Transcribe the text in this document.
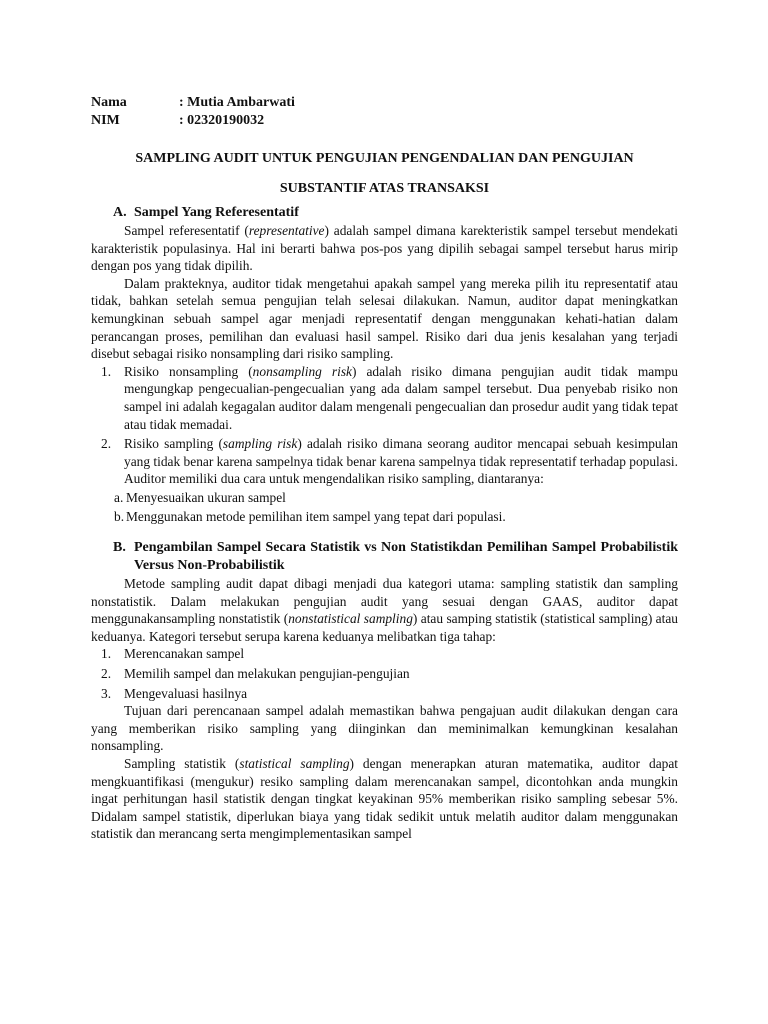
Nama	: Mutia Ambarwati
NIM	: 02320190032
SAMPLING AUDIT UNTUK PENGUJIAN PENGENDALIAN DAN PENGUJIAN
SUBSTANTIF ATAS TRANSAKSI
A. Sampel Yang Referesentatif

Sampel referesentatif (representative) adalah sampel dimana karekteristik sampel tersebut mendekati karakteristik populasinya. Hal ini berarti bahwa pos-pos yang dipilih sebagai sampel tersebut harus mirip dengan pos yang tidak dipilih.

Dalam prakteknya, auditor tidak mengetahui apakah sampel yang mereka pilih itu representatif atau tidak, bahkan setelah semua pengujian telah selesai dilakukan. Namun, auditor dapat meningkatkan kemungkinan sebuah sampel agar menjadi representatif dengan menggunakan kehati-hatian dalam perancangan proses, pemilihan dan evaluasi hasil sampel. Risiko dari dua jenis kesalahan yang terjadi disebut sebagai risiko nonsampling dari risiko sampling.

1. Risiko nonsampling (nonsampling risk) adalah risiko dimana pengujian audit tidak mampu mengungkap pengecualian-pengecualian yang ada dalam sampel tersebut. Dua penyebab risiko non sampel ini adalah kegagalan auditor dalam mengenali pengecualian dan prosedur audit yang tidak tepat atau tidak memadai.
2. Risiko sampling (sampling risk) adalah risiko dimana seorang auditor mencapai sebuah kesimpulan yang tidak benar karena sampelnya tidak benar karena sampelnya tidak representatif terhadap populasi. Auditor memiliki dua cara untuk mengendalikan risiko sampling, diantaranya:
a. Menyesuaikan ukuran sampel
b. Menggunakan metode pemilihan item sampel yang tepat dari populasi.
B. Pengambilan Sampel Secara Statistik vs Non Statistikdan Pemilihan Sampel Probabilistik Versus Non-Probabilistik

Metode sampling audit dapat dibagi menjadi dua kategori utama: sampling statistik dan sampling nonstatistik. Dalam melakukan pengujian audit yang sesuai dengan GAAS, auditor dapat menggunakansampling nonstatistik (nonstatistical sampling) atau samping statistik (statistical sampling) atau keduanya. Kategori tersebut serupa karena keduanya melibatkan tiga tahap:

1. Merencanakan sampel
2. Memilih sampel dan melakukan pengujian-pengujian
3. Mengevaluasi hasilnya

Tujuan dari perencanaan sampel adalah memastikan bahwa pengajuan audit dilakukan dengan cara yang memberikan risiko sampling yang diinginkan dan meminimalkan kemungkinan kesalahan nonsampling.

Sampling statistik (statistical sampling) dengan menerapkan aturan matematika, auditor dapat mengkuantifikasi (mengukur) resiko sampling dalam merencanakan sampel, dicontohkan anda mungkin ingat perhitungan hasil statistik dengan tingkat keyakinan 95% memberikan risiko sampling sebesar 5%. Didalam sampel statistik, diperlukan biaya yang tidak sedikit untuk melatih auditor dalam menggunakan statistik dan merancang serta mengimplementasikan sampel
